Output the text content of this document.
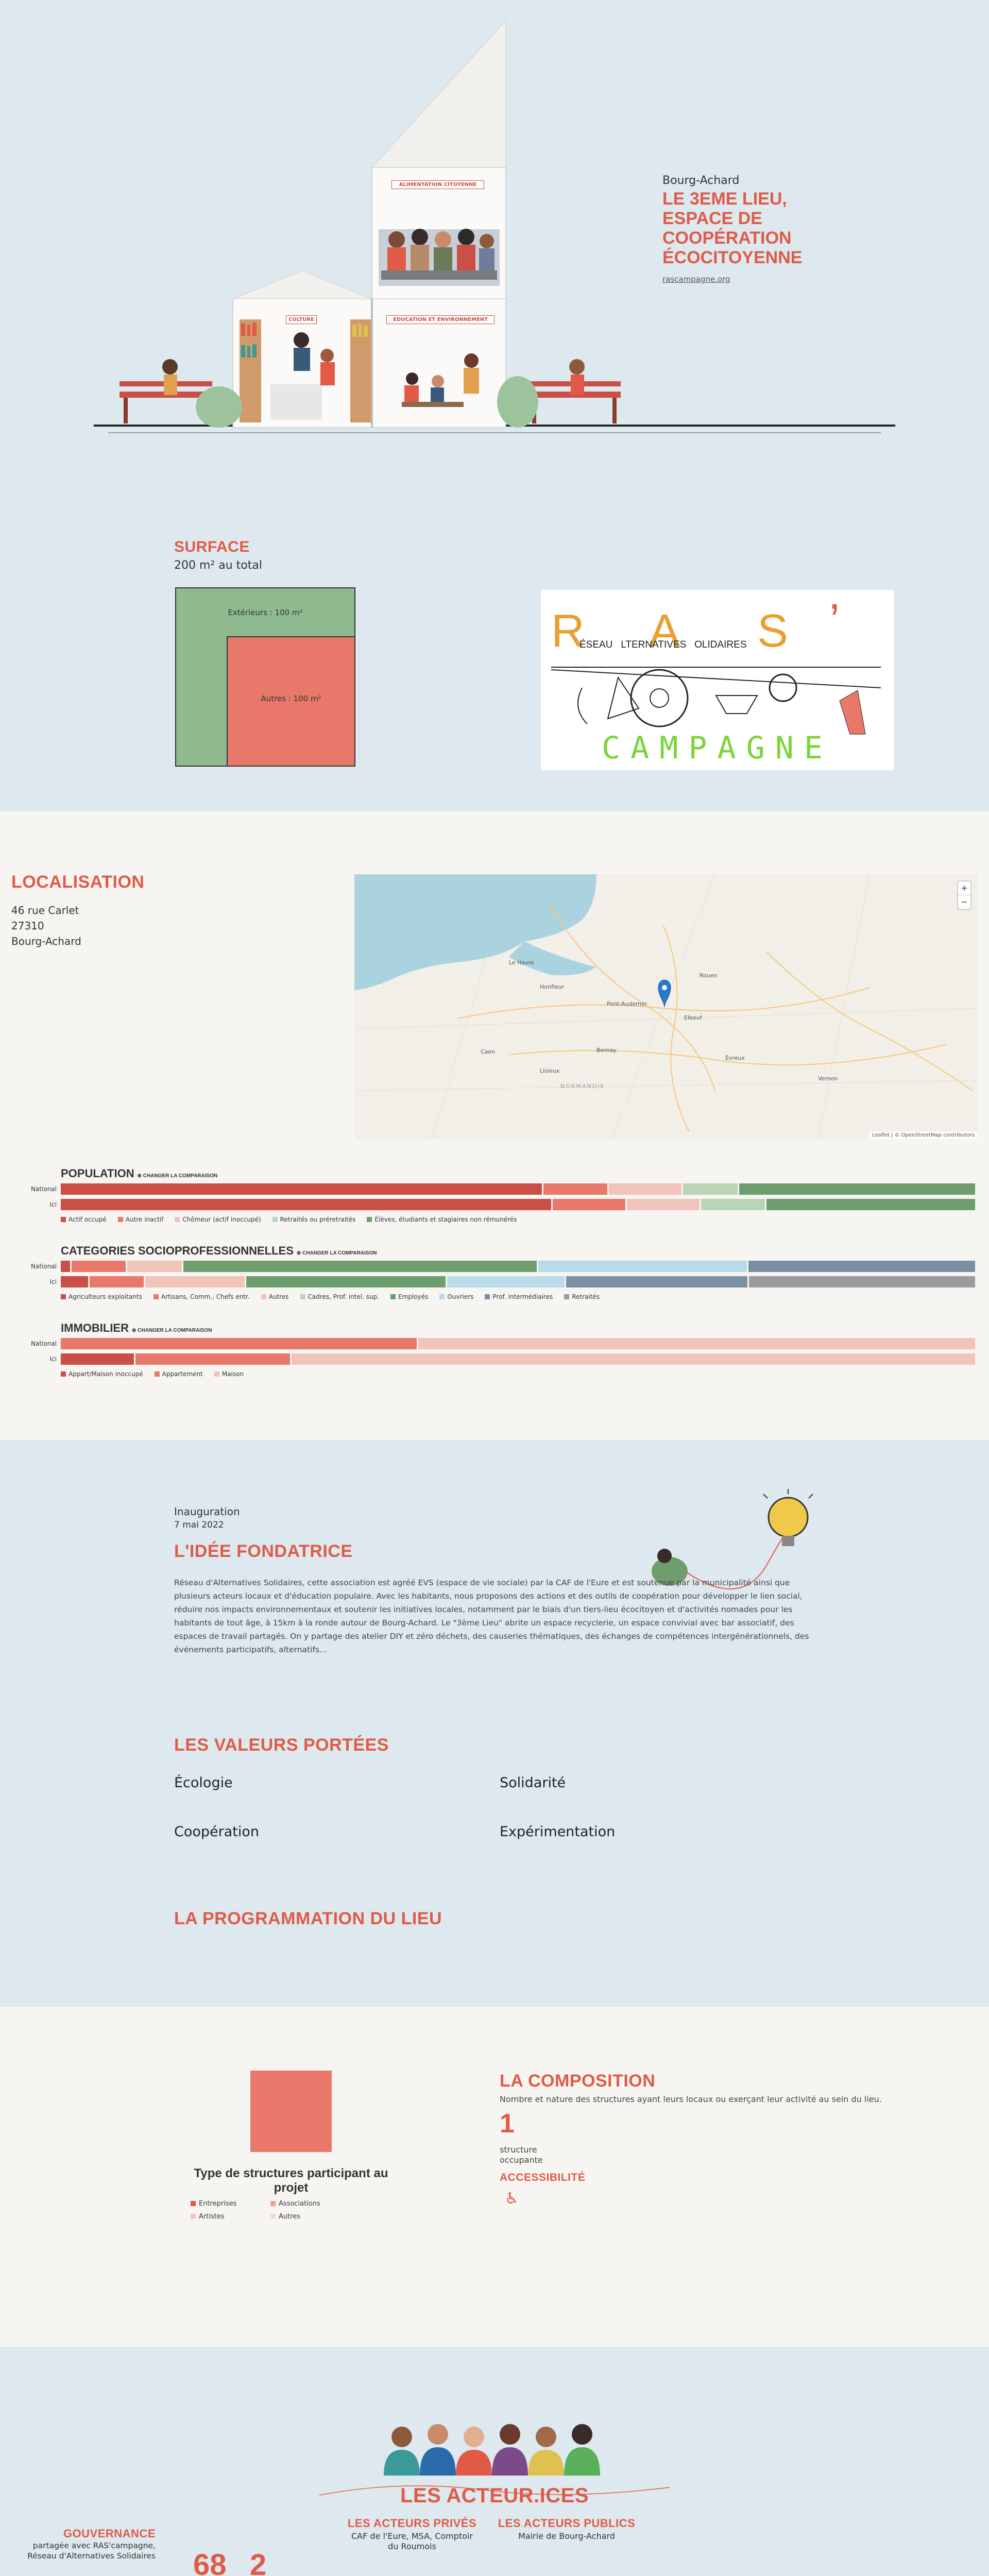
ALIMENTATION CITOYENNE
CULTURE	EDUCATION ET ENVIRONNEMENT
Bourg-Achard
LE 3EME LIEU, ESPACE DE COOPÉRATION ÉCOCITOYENNE
rascampagne.org
SURFACE
200 m² au total
Extérieurs : 100 m²
Autres : 100 m²
R A S ’
ÉSEAU   LTERNATIVES   OLIDAIRES
CAMPAGNE
LOCALISATION
46 rue Carlet
27310
Bourg-Achard
Le Havre
Rouen
Caen
Lisieux
Évreux
Bernay
Honfleur
Elbeuf
Vernon
Pont-Audemer
NORMANDIE
+
−
Leaflet | © OpenStreetMap contributors
POPULATION ⊕ CHANGER LA COMPARAISON
National
Ici
Actif occupé	Autre inactif	Chômeur (actif inoccupé)	Retraités ou préretraités	Élèves, étudiants et stagiaires non rémunérés
CATEGORIES SOCIOPROFESSIONNELLES ⊕ CHANGER LA COMPARAISON
National
Ici
Agriculteurs exploitants	Artisans, Comm., Chefs entr.	Autres	Cadres, Prof. intel. sup.	Employés	Ouvriers	Prof. intermédiaires	Retraités
IMMOBILIER ⊕ CHANGER LA COMPARAISON
National
Ici
Appart/Maison inoccupé	Appartement	Maison
Inauguration
7 mai 2022
L'IDÉE FONDATRICE

Réseau d'Alternatives Solidaires, cette association est agréé EVS (espace de vie sociale) par la CAF de l'Eure et est soutenue par la municipalité ainsi que plusieurs acteurs locaux et d'éducation populaire. Avec les habitants, nous proposons des actions et des outils de coopération pour développer le lien social, réduire nos impacts environnementaux et soutenir les initiatives locales, notamment par le biais d'un tiers-lieu écocitoyen et d'activités nomades pour les habitants de tout âge, à 15km à la ronde autour de Bourg-Achard. Le "3ème Lieu" abrite un espace recyclerie, un espace convivial avec bar associatif, des espaces de travail partagés. On y partage des atelier DIY et zéro déchets, des causeries thématiques, des échanges de compétences intergénérationnels, des événements participatifs, alternatifs...

LES VALEURS PORTÉES
Écologie	Solidarité
Coopération	Expérimentation
LA PROGRAMMATION DU LIEU
Type de structures participant au projet
Entreprises	Associations
Artistes	Autres
LA COMPOSITION
Nombre et nature des structures ayant leurs locaux ou exerçant leur activité au sein du lieu.
1
structure occupante
ACCESSIBILITÉ
♿
LES ACTEUR.ICES
LES ACTEURS PRIVÉS
CAF de l'Eure, MSA, Comptoir du Roumois
LES ACTEURS PUBLICS
Mairie de Bourg-Achard
GOUVERNANCE

partagée avec RAS'campagne, Réseau d'Alternatives Solidaires 68 2
